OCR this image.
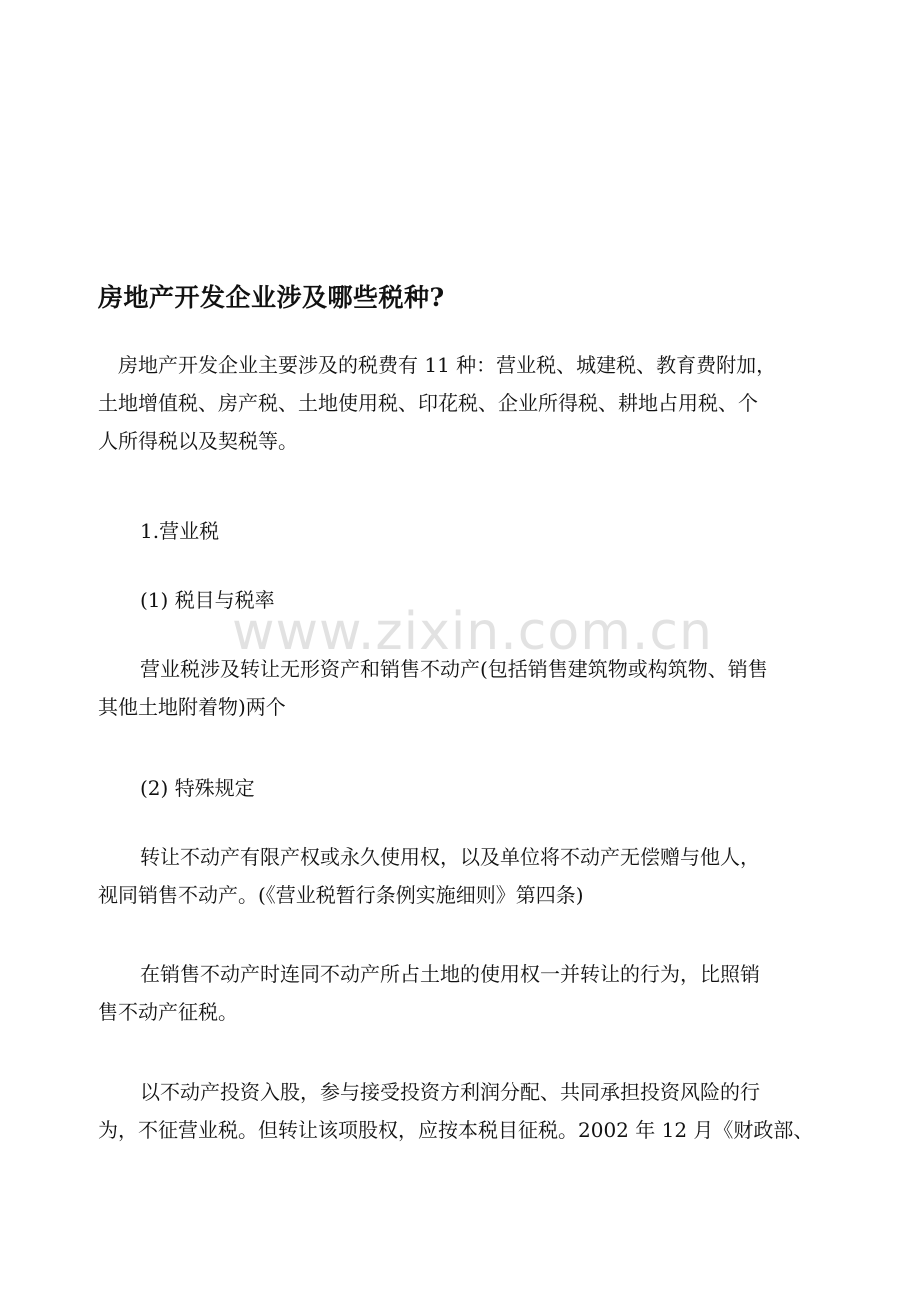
房地产开发企业涉及哪些税种?

房地产开发企业主要涉及的税费有 11 种：营业税、城建税、教育费附加，
土地增值税、房产税、土地使用税、印花税、企业所得税、耕地占用税、个
人所得税以及契税等。

1.营业税

(1) 税目与税率

营业税涉及转让无形资产和销售不动产(包括销售建筑物或构筑物、销售
其他土地附着物)两个

(2) 特殊规定

转让不动产有限产权或永久使用权，以及单位将不动产无偿赠与他人，
视同销售不动产。(《营业税暂行条例实施细则》第四条)

在销售不动产时连同不动产所占土地的使用权一并转让的行为，比照销
售不动产征税。

以不动产投资入股，参与接受投资方利润分配、共同承担投资风险的行
为，不征营业税。但转让该项股权，应按本税目征税。2002 年 12 月《财政部、

www.zixin.com.cn
